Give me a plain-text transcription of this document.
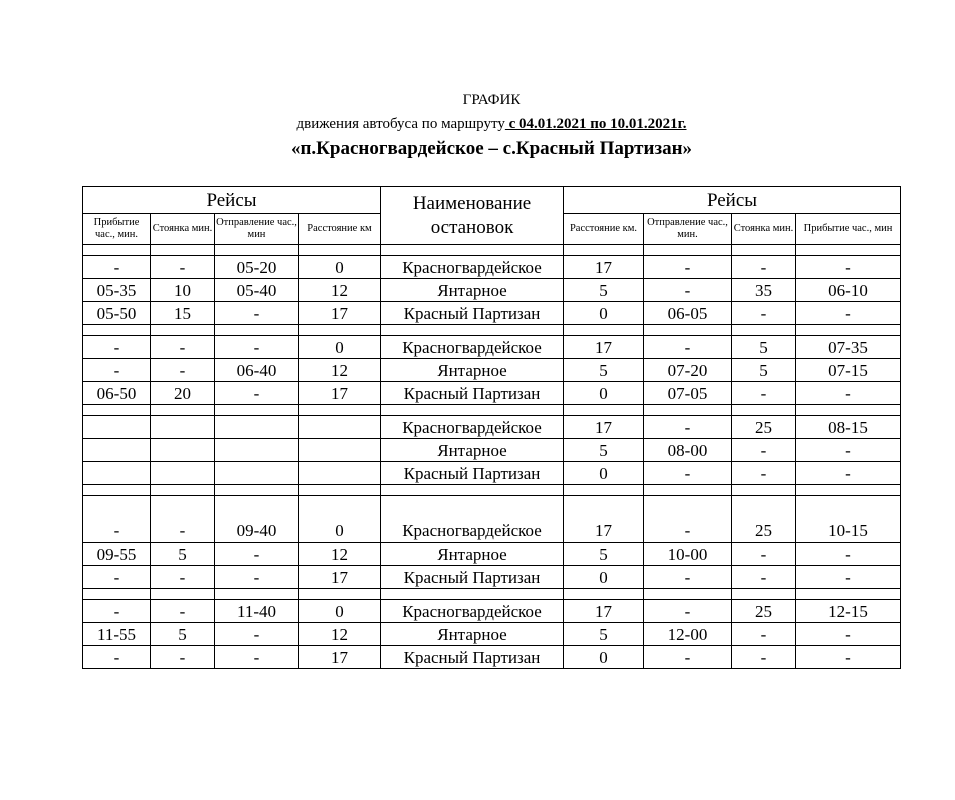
ГРАФИК
движения автобуса по маршруту с 04.01.2021 по 10.01.2021г.
«п.Красногвардейское – с.Красный Партизан»
Рейсы				Наименование остановок	Рейсы			
Прибытие час., мин.	Стоянка мин.	Отправление час., мин	Расстояние км		Расстояние км.	Отправление час., мин.	Стоянка мин.	Прибытие час., мин

-	-	05-20	0	Красногвардейское	17	-	-	-
05-35	10	05-40	12	Янтарное	5	-	35	06-10
05-50	15	-	17	Красный Партизан	0	06-05	-	-

-	-	-	0	Красногвардейское	17	-	5	07-35
-	-	06-40	12	Янтарное	5	07-20	5	07-15
06-50	20	-	17	Красный Партизан	0	07-05	-	-

				Красногвардейское	17	-	25	08-15
				Янтарное	5	08-00	-	-
				Красный Партизан	0	-	-	-

-	-	09-40	0	Красногвардейское	17	-	25	10-15
09-55	5	-	12	Янтарное	5	10-00	-	-
-	-	-	17	Красный Партизан	0	-	-	-

-	-	11-40	0	Красногвардейское	17	-	25	12-15
11-55	5	-	12	Янтарное	5	12-00	-	-
-	-	-	17	Красный Партизан	0	-	-	-
